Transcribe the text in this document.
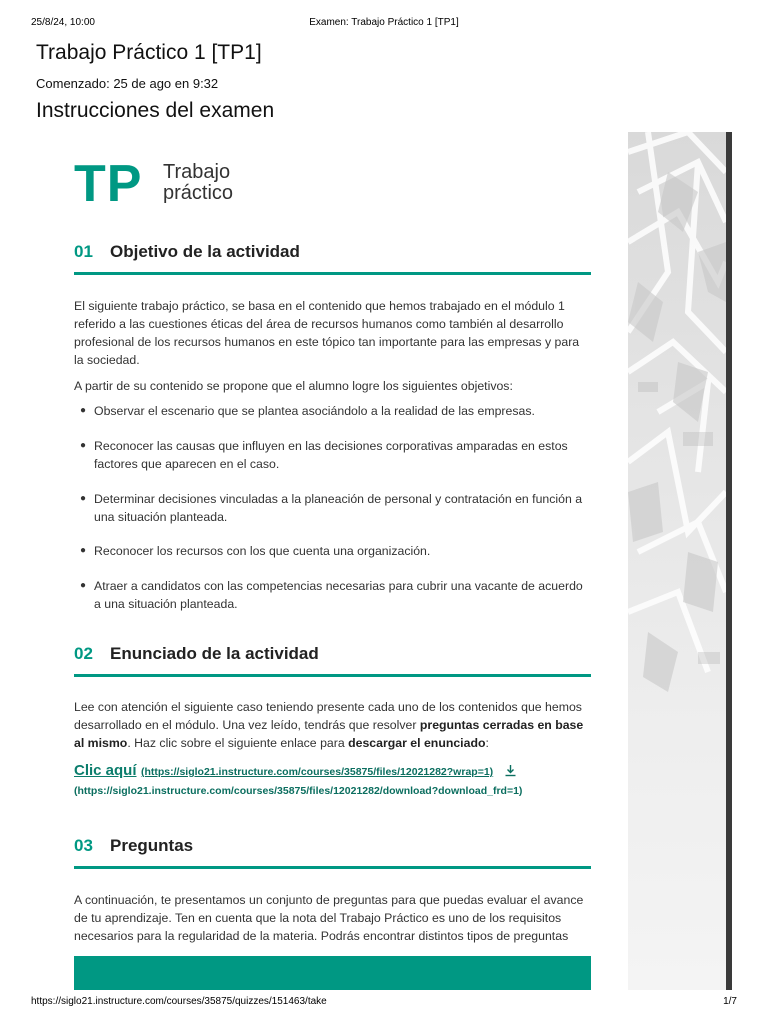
25/8/24, 10:00	Examen: Trabajo Práctico 1 [TP1]
Trabajo Práctico 1 [TP1]
Comenzado: 25 de ago en 9:32
Instrucciones del examen
TP Trabajo
práctico
01 Objetivo de la actividad

El siguiente trabajo práctico, se basa en el contenido que hemos trabajado en el módulo 1
referido a las cuestiones éticas del área de recursos humanos como también al desarrollo
profesional de los recursos humanos en este tópico tan importante para las empresas y para
la sociedad.

A partir de su contenido se propone que el alumno logre los siguientes objetivos:

● Observar el escenario que se plantea asociándolo a la realidad de las empresas.
● Reconocer las causas que influyen en las decisiones corporativas amparadas en estos
factores que aparecen en el caso.
● Determinar decisiones vinculadas a la planeación de personal y contratación en función a
una situación planteada.
● Reconocer los recursos con los que cuenta una organización.
● Atraer a candidatos con las competencias necesarias para cubrir una vacante de acuerdo
a una situación planteada.
02 Enunciado de la actividad

Lee con atención el siguiente caso teniendo presente cada uno de los contenidos que hemos
desarrollado en el módulo. Una vez leído, tendrás que resolver preguntas cerradas en base
al mismo. Haz clic sobre el siguiente enlace para descargar el enunciado:

Clic aquí (https://siglo21.instructure.com/courses/35875/files/12021282?wrap=1)
(https://siglo21.instructure.com/courses/35875/files/12021282/download?download_frd=1)
03 Preguntas

A continuación, te presentamos un conjunto de preguntas para que puedas evaluar el avance
de tu aprendizaje. Ten en cuenta que la nota del Trabajo Práctico es uno de los requisitos
necesarios para la regularidad de la materia. Podrás encontrar distintos tipos de preguntas

https://siglo21.instructure.com/courses/35875/quizzes/151463/take	1/7
